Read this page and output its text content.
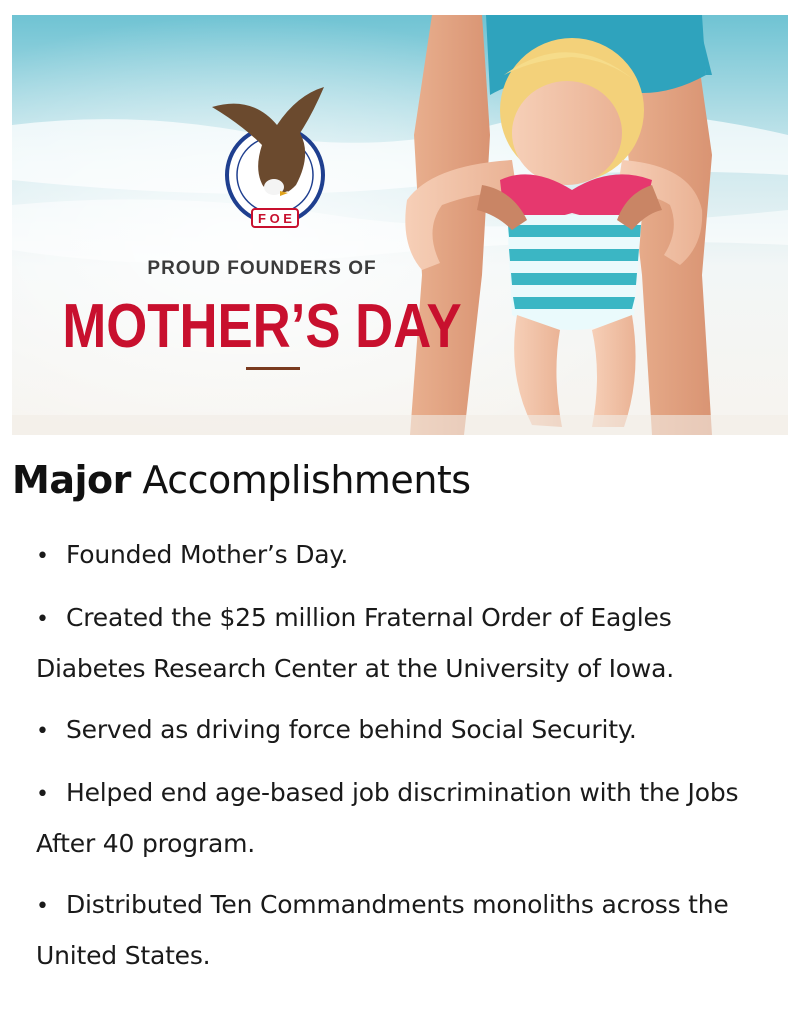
F O E
PROUD FOUNDERS OF
MOTHER’S DAY
Major Accomplishments
• Founded Mother’s Day.
• Created the $25 million Fraternal Order of Eagles Diabetes Research Center at the University of Iowa.
• Served as driving force behind Social Security.
• Helped end age-based job discrimination with the Jobs After 40 program.
• Distributed Ten Commandments monoliths across the United States.
